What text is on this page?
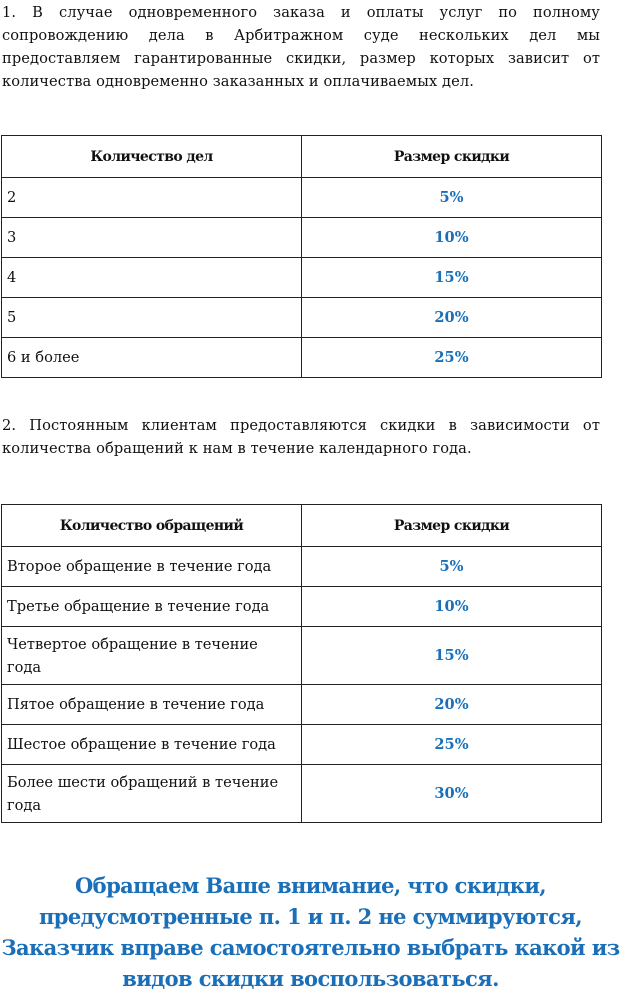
1. В случае одновременного заказа и оплаты услуг по полному сопровождению дела в Арбитражном суде нескольких дел мы предоставляем гарантированные скидки, размер которых зависит от количества одновременно заказанных и оплачиваемых дел.
Количество дел	Размер скидки
2	5%
3	10%
4	15%
5	20%
6 и более	25%
2. Постоянным клиентам предоставляются скидки в зависимости от количества обращений к нам в течение календарного года.
Количество обращений	Размер скидки
Второе обращение в течение года	5%
Третье обращение в течение года	10%
Четвертое обращение в течение года	15%
Пятое обращение в течение года	20%
Шестое обращение в течение года	25%
Более шести обращений в течение года	30%
Обращаем Ваше внимание, что скидки,
предусмотренные п. 1 и п. 2 не суммируются,
Заказчик вправе самостоятельно выбрать какой из
видов скидки воспользоваться.
